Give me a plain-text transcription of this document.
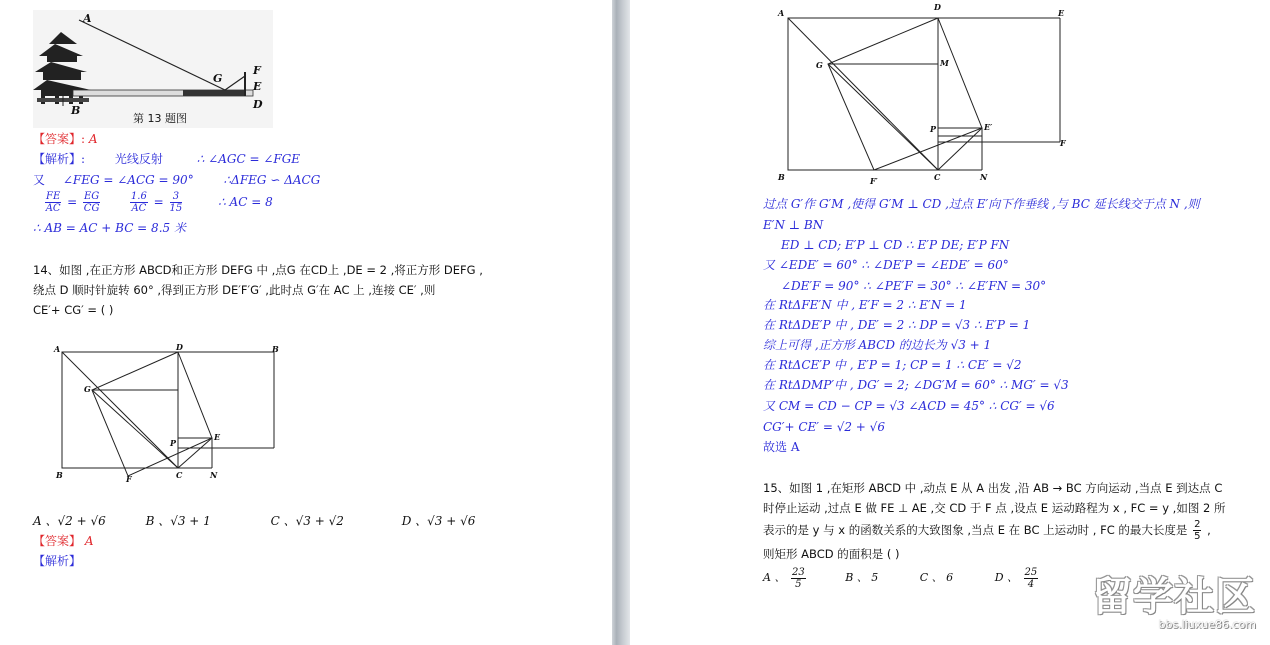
A
G
F
E
D
B
第 13 题图
【答案】: A
【解析】: 光线反射	∴ ∠AGC = ∠FGE
又 ∠FEG = ∠ACG = 90° ∴ΔFEG ∽ ΔACG
$\frac{FE}{AC} = \frac{EG}{CG}$
	$\frac{1.6}{AC} = \frac{3}{15}$	∴ AC = 8
∴ AB = AC + BC = 8.5 米
14、如图 ,在正方形 ABCD和正方形 DEFG 中 ,点G 在CD上 ,DE = 2 ,将正方形 DEFG ,
绕点 D 顺时针旋转 60° ,得到正方形 DE′F′G′ ,此时点 G′在 AC 上 ,连接 CE′ ,则
CE′+ CG′ = ( )
A	D	B
G
E
B	F	C	N
P
A 、√2 + √6	B 、√3 + 1	C 、√3 + √2	D 、√3 + √6
【答案】 A
【解析】
A
D
E
G	M
P	E′
F
B	F′	C	N
过点 G′作 G′M ,使得 G′M ⊥ CD ,过点 E′向下作垂线 ,与 BC 延长线交于点 N ,则
E′N ⊥ BN
ED ⊥ CD; E′P ⊥ CD ∴ E′P DE; E′P FN
又 ∠EDE′ = 60° ∴ ∠DE′P = ∠EDE′ = 60°
∠DE′F = 90° ∴ ∠PE′F = 30° ∴ ∠E′FN = 30°
在 RtΔFE′N 中 , E′F = 2 ∴ E′N = 1
在 RtΔDE′P 中 , DE′ = 2 ∴ DP = √3 ∴ E′P = 1
综上可得 ,正方形 ABCD 的边长为 √3 + 1
在 RtΔCE′P 中 , E′P = 1; CP = 1 ∴ CE′ = √2
在 RtΔDMP′中 , DG′ = 2; ∠DG′M = 60° ∴ MG′ = √3
又 CM = CD − CP = √3 ∠ACD = 45° ∴ CG′ = √6
CG′+ CE′ = √2 + √6
故选 A
15、如图 1 ,在矩形 ABCD 中 ,动点 E 从 A 出发 ,沿 AB → BC 方向运动 ,当点 E 到达点 C
时停止运动 ,过点 E 做 FE ⊥ AE ,交 CD 于 F 点 ,设点 E 运动路程为 x , FC = y ,如图 2 所
表示的是 y 与 x 的函数关系的大致图象 ,当点 E 在 BC 上运动时 , FC 的最大长度是 $\frac{2}{5}$ ,
则矩形 ABCD 的面积是 ( )
A 、 $\frac{23}{5}$	B 、 5	C 、 6	D 、 $\frac{25}{4}$ 留学社区
bbs.liuxue86.com
